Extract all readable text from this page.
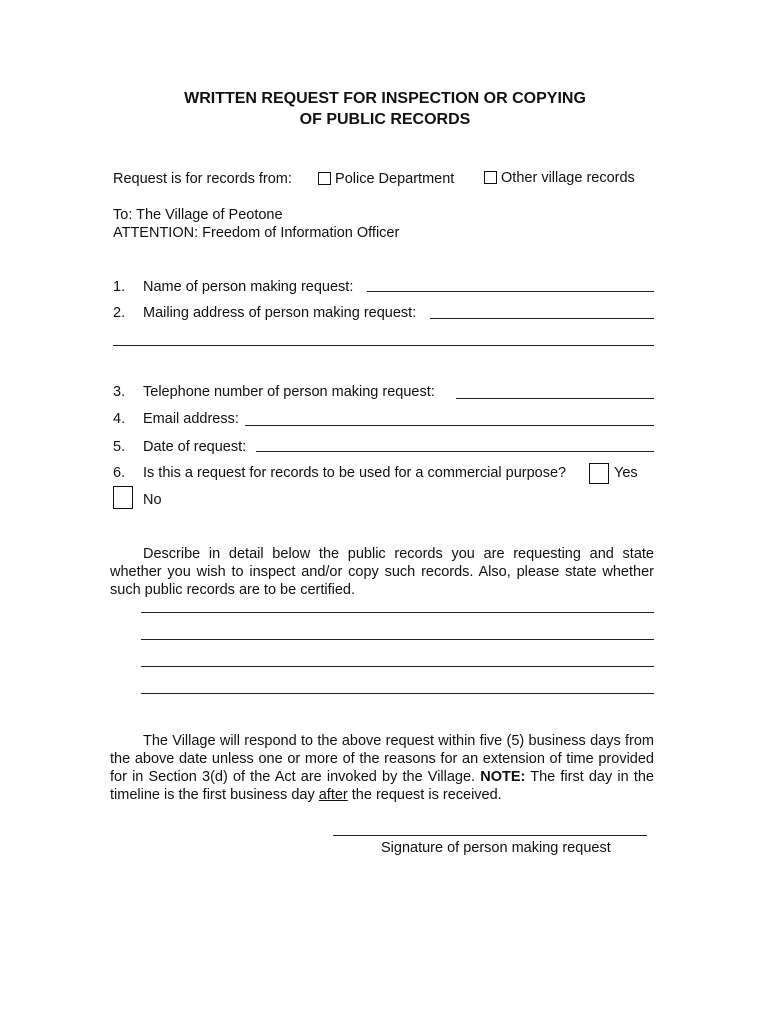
WRITTEN REQUEST FOR INSPECTION OR COPYING
OF PUBLIC RECORDS
Request is for records from:	Police Department	Other village records
To: The Village of Peotone
ATTENTION: Freedom of Information Officer
1. Name of person making request:
2. Mailing address of person making request:
3. Telephone number of person making request:
4. Email address:
5. Date of request:
6. Is this a request for records to be used for a commercial purpose?	Yes
No
Describe in detail below the public records you are requesting and state whether you wish to inspect and/or copy such records. Also, please state whether such public records are to be certified.
The Village will respond to the above request within five (5) business days from the above date unless one or more of the reasons for an extension of time provided for in Section 3(d) of the Act are invoked by the Village. NOTE: The first day in the timeline is the first business day after the request is received.
Signature of person making request
